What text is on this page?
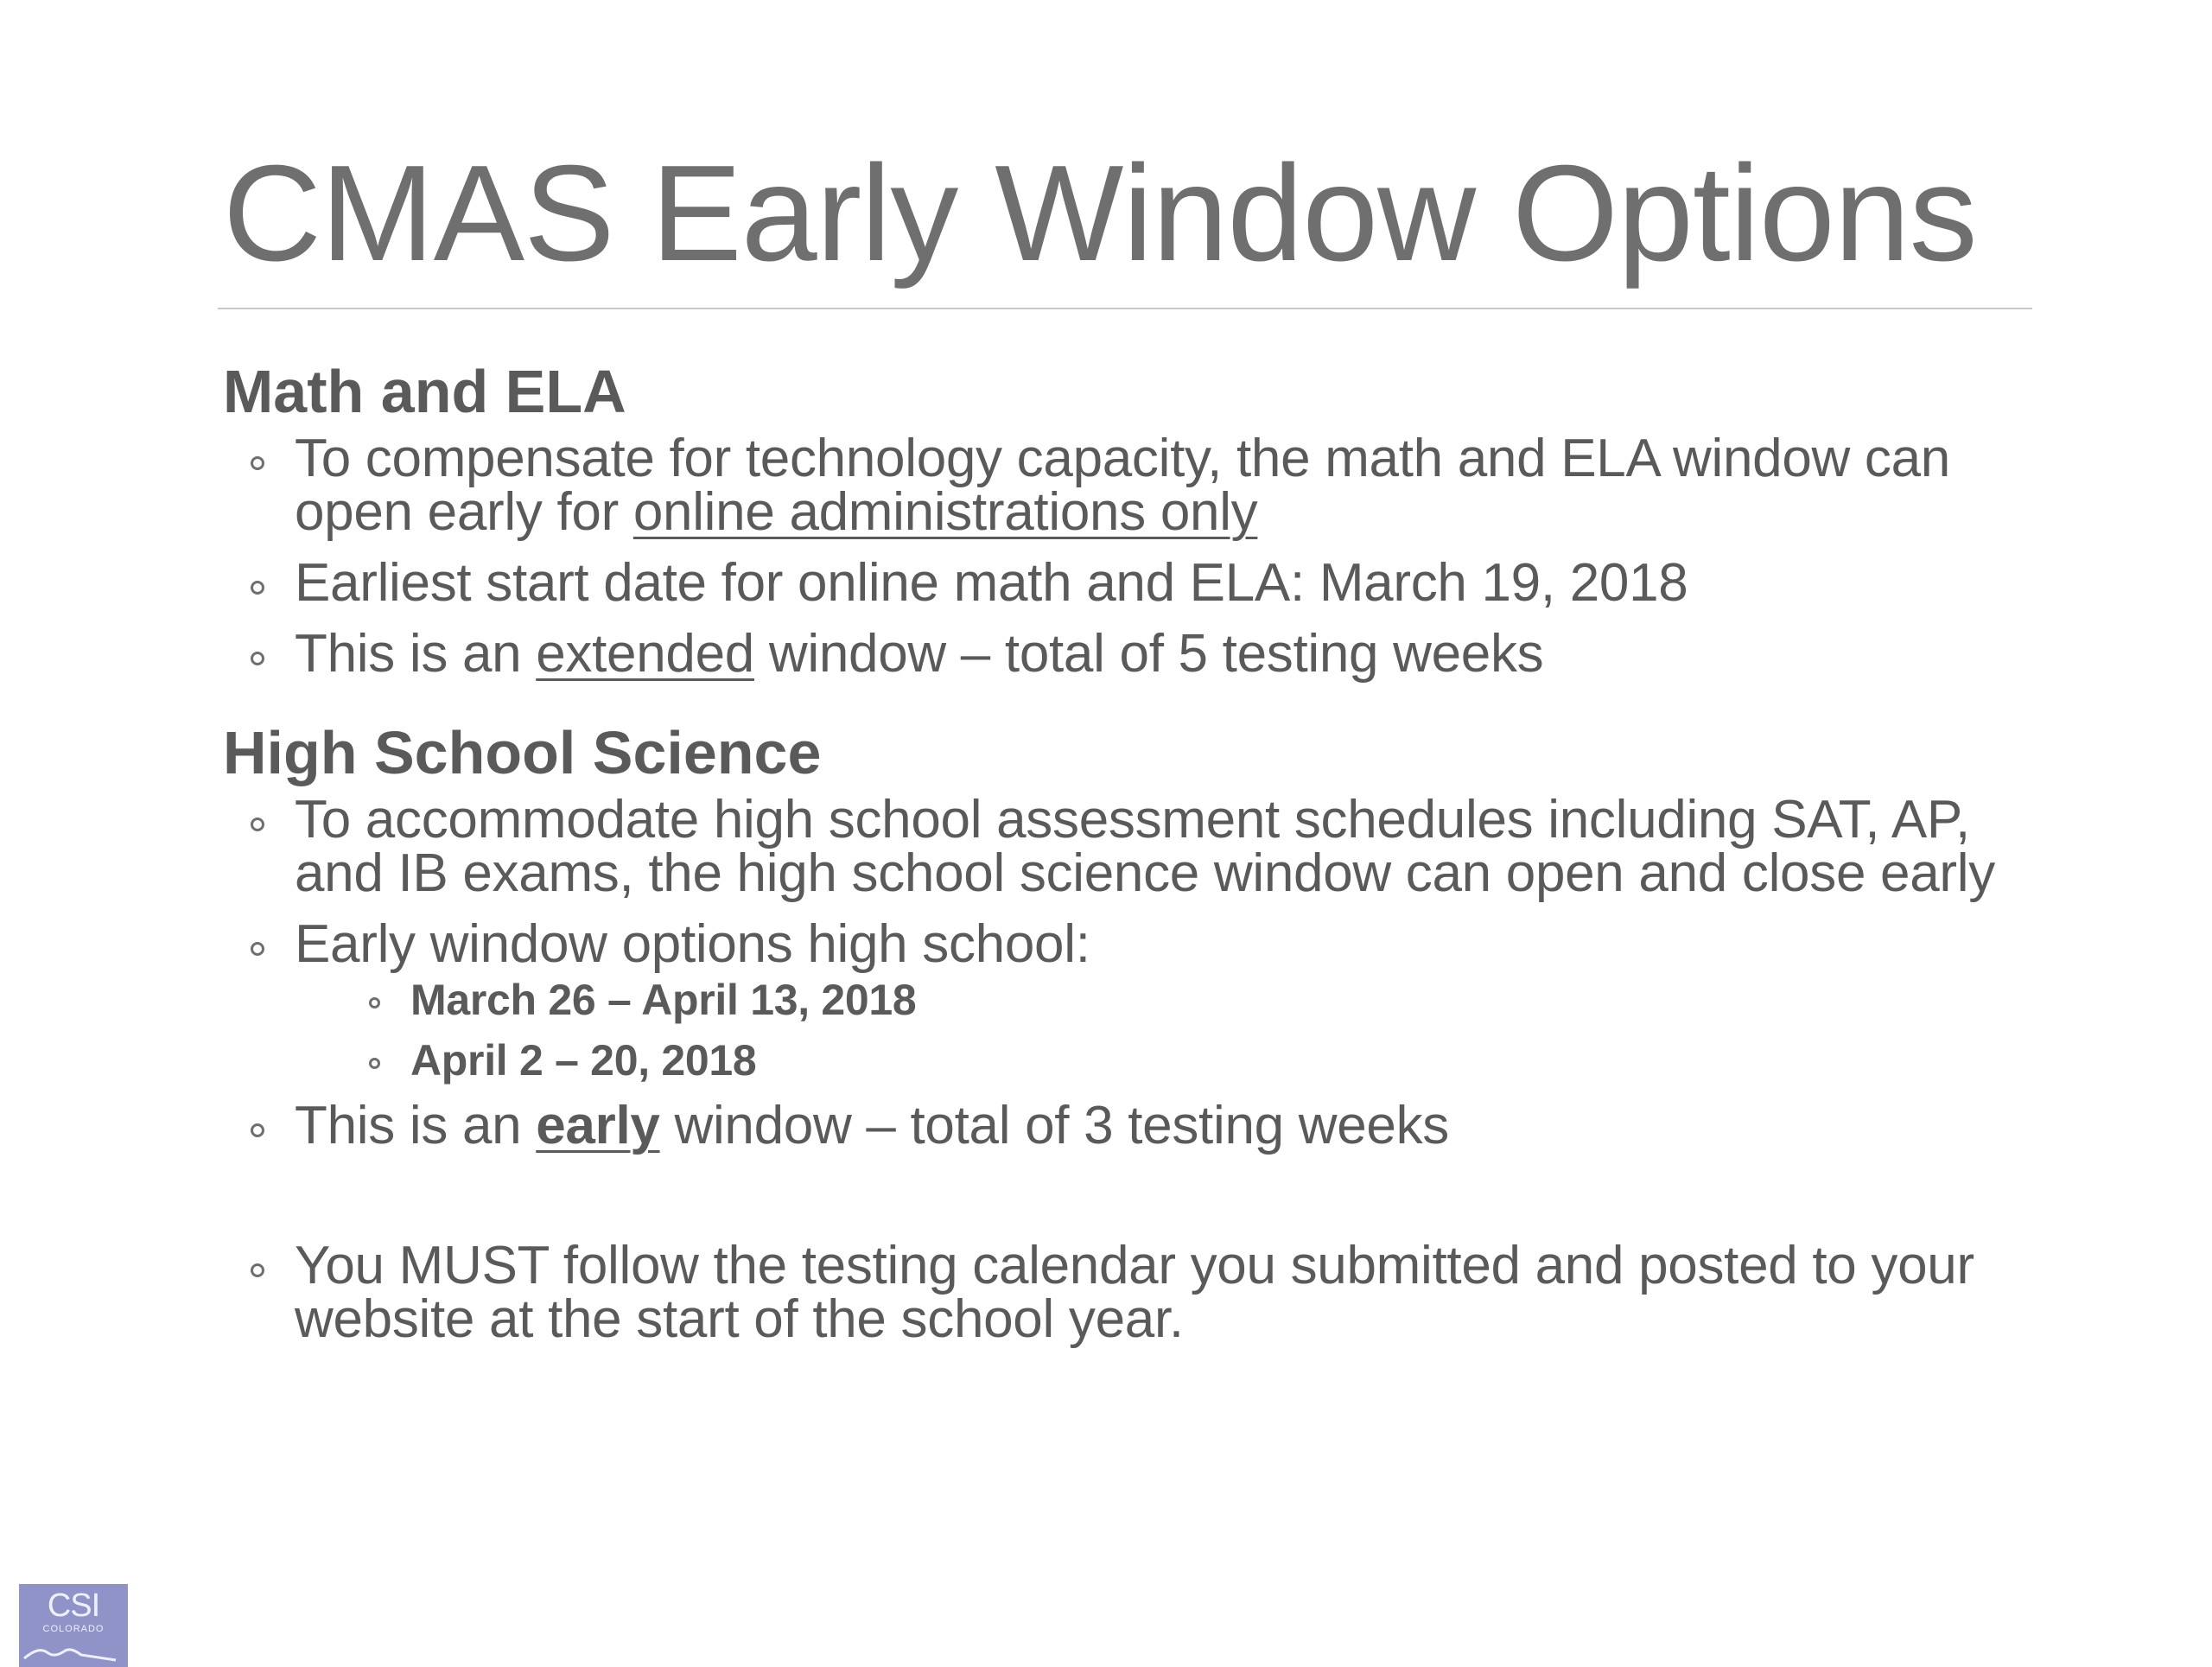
CMAS Early Window Options
Math and ELA
To compensate for technology capacity, the math and ELA window can open early for online administrations only
Earliest start date for online math and ELA: March 19, 2018
This is an extended window – total of 5 testing weeks
High School Science
To accommodate high school assessment schedules including SAT, AP, and IB exams, the high school science window can open and close early
Early window options high school:
March 26 – April 13, 2018
April 2 – 20, 2018
This is an early window – total of 3 testing weeks
You MUST follow the testing calendar you submitted and posted to your website at the start of the school year.
CSI
COLORADO
